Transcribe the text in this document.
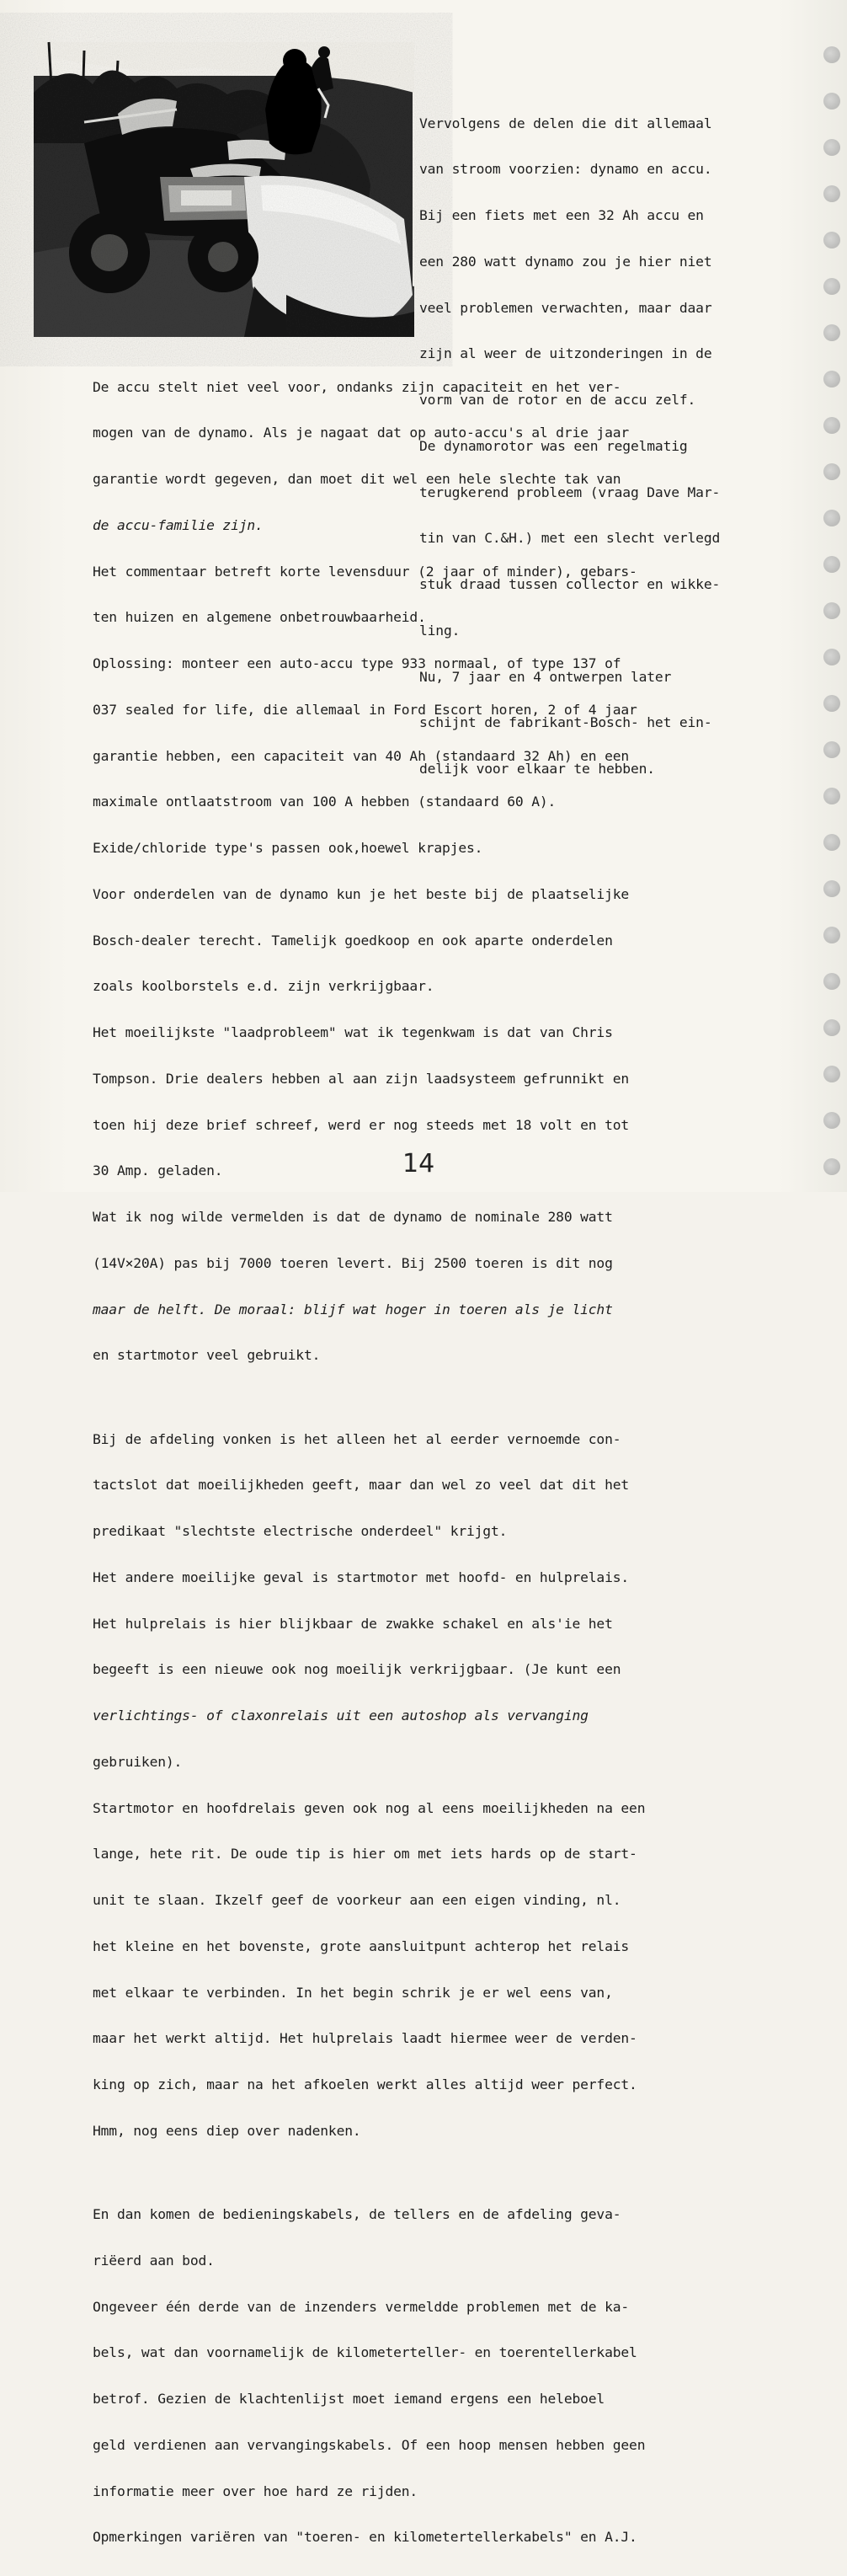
Vervolgens de delen die dit allemaal

van stroom voorzien: dynamo en accu.

Bij een fiets met een 32 Ah accu en

een 280 watt dynamo zou je hier niet

veel problemen verwachten, maar daar

zijn al weer de uitzonderingen in de

vorm van de rotor en de accu zelf.

De dynamorotor was een regelmatig

terugkerend probleem (vraag Dave Mar-

tin van C.&H.) met een slecht verlegd

stuk draad tussen collector en wikke-

ling.

Nu, 7 jaar en 4 ontwerpen later

schijnt de fabrikant-Bosch- het ein-

delijk voor elkaar te hebben.

De accu stelt niet veel voor, ondanks zijn capaciteit en het ver-

mogen van de dynamo. Als je nagaat dat op auto-accu's al drie jaar

garantie wordt gegeven, dan moet dit wel een hele slechte tak van

de accu-familie zijn.

Het commentaar betreft korte levensduur (2 jaar of minder), gebars-

ten huizen en algemene onbetrouwbaarheid.

Oplossing: monteer een auto-accu type 933 normaal, of type 137 of

037 sealed for life, die allemaal in Ford Escort horen, 2 of 4 jaar

garantie hebben, een capaciteit van 40 Ah (standaard 32 Ah) en een

maximale ontlaatstroom van 100 A hebben (standaard 60 A).

Exide/chloride type's passen ook,hoewel krapjes.

Voor onderdelen van de dynamo kun je het beste bij de plaatselijke

Bosch-dealer terecht. Tamelijk goedkoop en ook aparte onderdelen

zoals koolborstels e.d. zijn verkrijgbaar.

Het moeilijkste "laadprobleem" wat ik tegenkwam is dat van Chris

Tompson. Drie dealers hebben al aan zijn laadsysteem gefrunnikt en

toen hij deze brief schreef, werd er nog steeds met 18 volt en tot

30 Amp. geladen.

Wat ik nog wilde vermelden is dat de dynamo de nominale 280 watt

(14V×20A) pas bij 7000 toeren levert. Bij 2500 toeren is dit nog

maar de helft. De moraal: blijf wat hoger in toeren als je licht

en startmotor veel gebruikt.

Bij de afdeling vonken is het alleen het al eerder vernoemde con-

tactslot dat moeilijkheden geeft, maar dan wel zo veel dat dit het

predikaat "slechtste electrische onderdeel" krijgt.

Het andere moeilijke geval is startmotor met hoofd- en hulprelais.

Het hulprelais is hier blijkbaar de zwakke schakel en als'ie het

begeeft is een nieuwe ook nog moeilijk verkrijgbaar. (Je kunt een

verlichtings- of claxonrelais uit een autoshop als vervanging

gebruiken).

Startmotor en hoofdrelais geven ook nog al eens moeilijkheden na een

lange, hete rit. De oude tip is hier om met iets hards op de start-

unit te slaan. Ikzelf geef de voorkeur aan een eigen vinding, nl.

het kleine en het bovenste, grote aansluitpunt achterop het relais

met elkaar te verbinden. In het begin schrik je er wel eens van,

maar het werkt altijd. Het hulprelais laadt hiermee weer de verden-

king op zich, maar na het afkoelen werkt alles altijd weer perfect.

Hmm, nog eens diep over nadenken.

En dan komen de bedieningskabels, de tellers en de afdeling geva-

riëerd aan bod.

Ongeveer één derde van de inzenders vermeldde problemen met de ka-

bels, wat dan voornamelijk de kilometerteller- en toerentellerkabel

betrof. Gezien de klachtenlijst moet iemand ergens een heleboel

geld verdienen aan vervangingskabels. Of een hoop mensen hebben geen

informatie meer over hoe hard ze rijden.

Opmerkingen variëren van "toeren- en kilometertellerkabels" en A.J.

14
